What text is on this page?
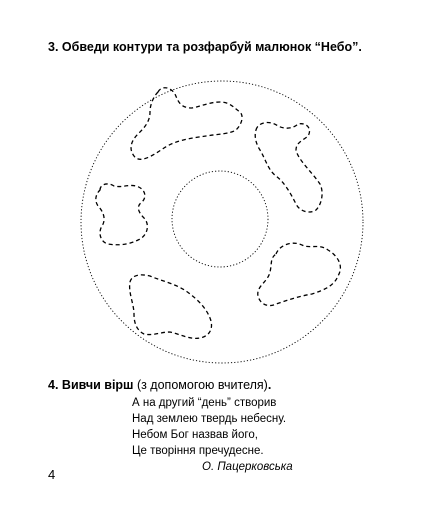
3. Обведи контури та розфарбуй малюнок “Небо”.
4. Вивчи вірш (з допомогою вчителя).
А на другий “день” створив
Над землею твердь небесну.
Небом Бог назвав його,
Це творіння пречудесне.
О. Пацерковська
4
